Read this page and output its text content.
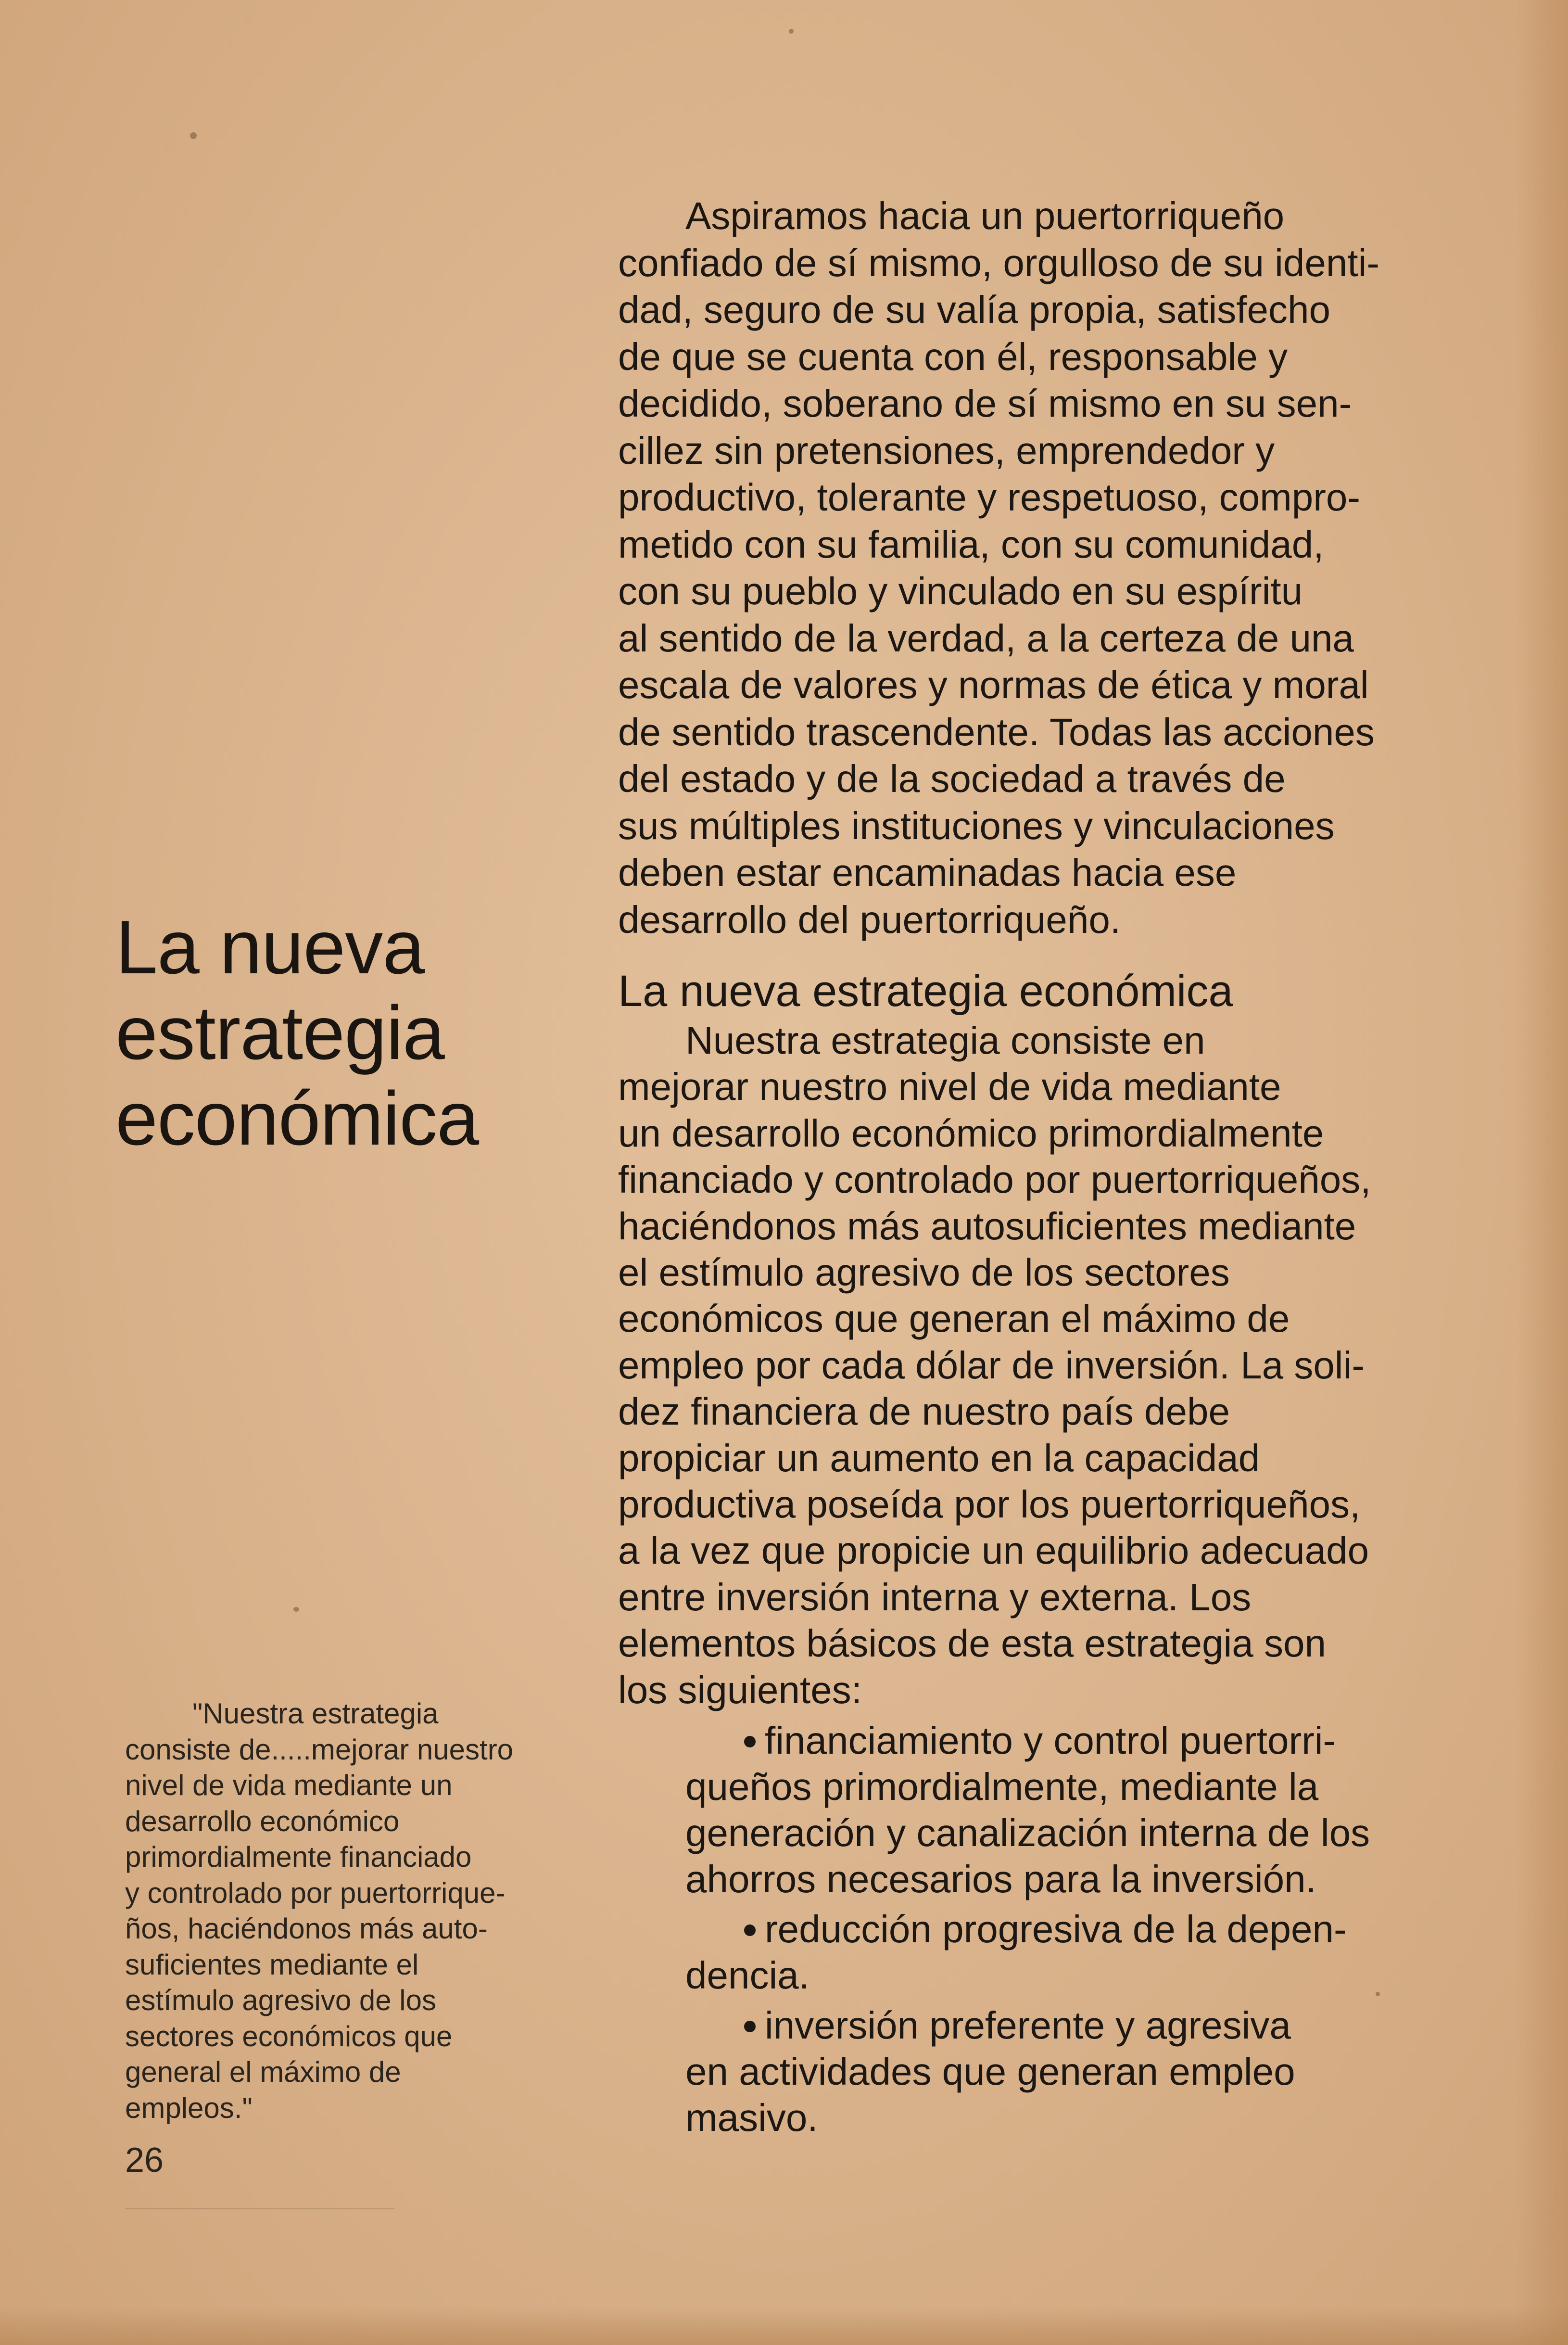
La nueva
estrategia
económica
"Nuestra estrategia
consiste de.....mejorar nuestro
nivel de vida mediante un
desarrollo económico
primordialmente financiado
y controlado por puertorrique-
ños, haciéndonos más auto-
suficientes mediante el
estímulo agresivo de los
sectores económicos que
general el máximo de
empleos."
26
Aspiramos hacia un puertorriqueño
confiado de sí mismo, orgulloso de su identi-
dad, seguro de su valía propia, satisfecho
de que se cuenta con él, responsable y
decidido, soberano de sí mismo en su sen-
cillez sin pretensiones, emprendedor y
productivo, tolerante y respetuoso, compro-
metido con su familia, con su comunidad,
con su pueblo y vinculado en su espíritu
al sentido de la verdad, a la certeza de una
escala de valores y normas de ética y moral
de sentido trascendente. Todas las acciones
del estado y de la sociedad a través de
sus múltiples instituciones y vinculaciones
deben estar encaminadas hacia ese
desarrollo del puertorriqueño.
La nueva estrategia económica
Nuestra estrategia consiste en
mejorar nuestro nivel de vida mediante
un desarrollo económico primordialmente
financiado y controlado por puertorriqueños,
haciéndonos más autosuficientes mediante
el estímulo agresivo de los sectores
económicos que generan el máximo de
empleo por cada dólar de inversión. La soli-
dez financiera de nuestro país debe
propiciar un aumento en la capacidad
productiva poseída por los puertorriqueños,
a la vez que propicie un equilibrio adecuado
entre inversión interna y externa. Los
elementos básicos de esta estrategia son
los siguientes:
financiamiento y control puertorri-
queños primordialmente, mediante la
generación y canalización interna de los
ahorros necesarios para la inversión.
reducción progresiva de la depen-
dencia.
inversión preferente y agresiva
en actividades que generan empleo
masivo.
